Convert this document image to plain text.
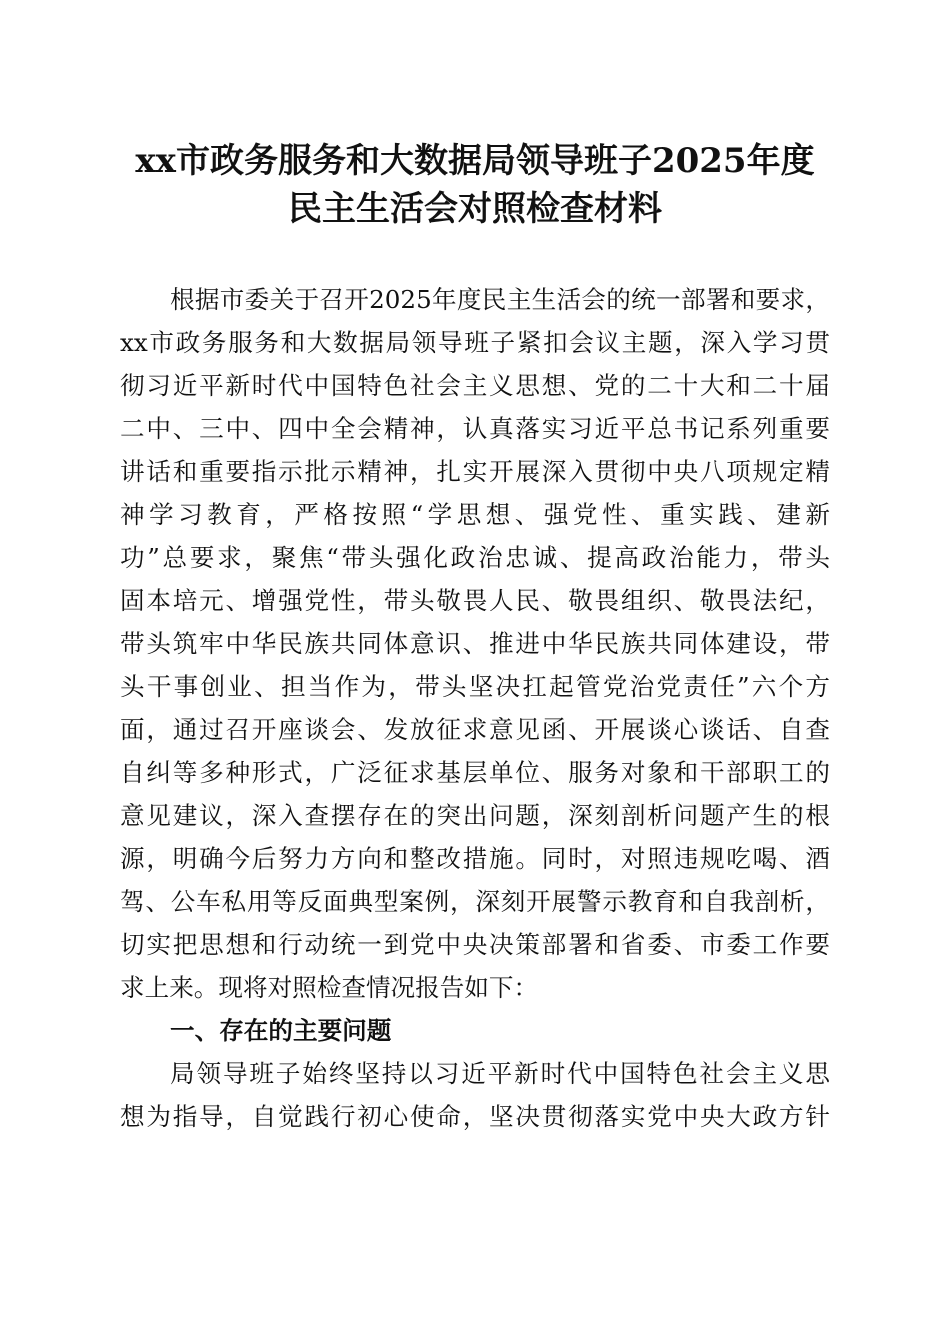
xx市政务服务和大数据局领导班子2025年度
民主生活会对照检查材料

根据市委关于召开2025年度民主生活会的统一部署和要求，

xx市政务服务和大数据局领导班子紧扣会议主题，深入学习贯

彻习近平新时代中国特色社会主义思想、党的二十大和二十届

二中、三中、四中全会精神，认真落实习近平总书记系列重要

讲话和重要指示批示精神，扎实开展深入贯彻中央八项规定精

神学习教育，严格按照“学思想、强党性、重实践、建新

功”总要求，聚焦“带头强化政治忠诚、提高政治能力，带头

固本培元、增强党性，带头敬畏人民、敬畏组织、敬畏法纪，

带头筑牢中华民族共同体意识、推进中华民族共同体建设，带

头干事创业、担当作为，带头坚决扛起管党治党责任”六个方

面，通过召开座谈会、发放征求意见函、开展谈心谈话、自查

自纠等多种形式，广泛征求基层单位、服务对象和干部职工的

意见建议，深入查摆存在的突出问题，深刻剖析问题产生的根

源，明确今后努力方向和整改措施。同时，对照违规吃喝、酒

驾、公车私用等反面典型案例，深刻开展警示教育和自我剖析，

切实把思想和行动统一到党中央决策部署和省委、市委工作要

求上来。现将对照检查情况报告如下：

一、存在的主要问题

局领导班子始终坚持以习近平新时代中国特色社会主义思

想为指导，自觉践行初心使命，坚决贯彻落实党中央大政方针
